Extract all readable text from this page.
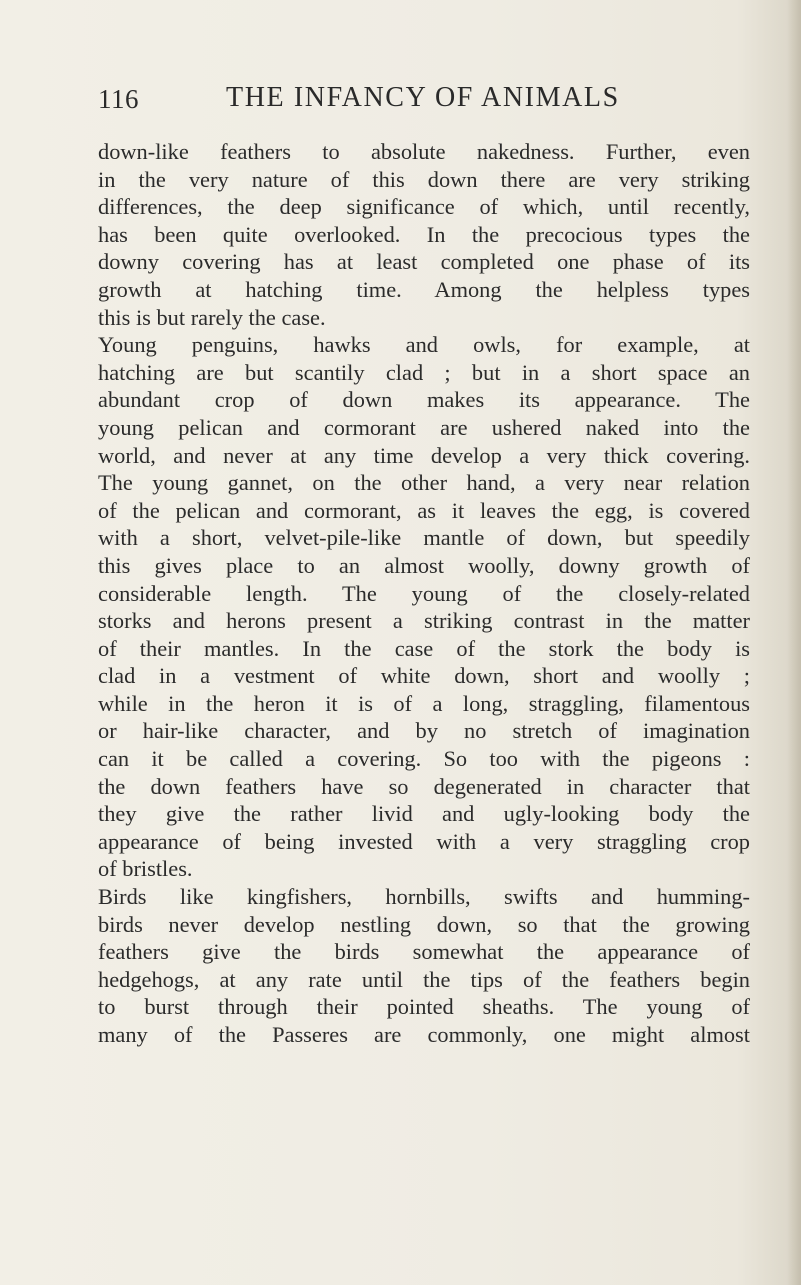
116	THE INFANCY OF ANIMALS
down-like feathers to absolute nakedness. Further, even
in the very nature of this down there are very striking
differences, the deep significance of which, until recently,
has been quite overlooked. In the precocious types the
downy covering has at least completed one phase of its
growth at hatching time. Among the helpless types
this is but rarely the case.
Young penguins, hawks and owls, for example, at
hatching are but scantily clad ; but in a short space an
abundant crop of down makes its appearance. The
young pelican and cormorant are ushered naked into the
world, and never at any time develop a very thick covering.
The young gannet, on the other hand, a very near relation
of the pelican and cormorant, as it leaves the egg, is covered
with a short, velvet-pile-like mantle of down, but speedily
this gives place to an almost woolly, downy growth of
considerable length. The young of the closely-related
storks and herons present a striking contrast in the matter
of their mantles. In the case of the stork the body is
clad in a vestment of white down, short and woolly ;
while in the heron it is of a long, straggling, filamentous
or hair-like character, and by no stretch of imagination
can it be called a covering. So too with the pigeons :
the down feathers have so degenerated in character that
they give the rather livid and ugly-looking body the
appearance of being invested with a very straggling crop
of bristles.
Birds like kingfishers, hornbills, swifts and humming-
birds never develop nestling down, so that the growing
feathers give the birds somewhat the appearance of
hedgehogs, at any rate until the tips of the feathers begin
to burst through their pointed sheaths. The young of
many of the Passeres are commonly, one might almost
